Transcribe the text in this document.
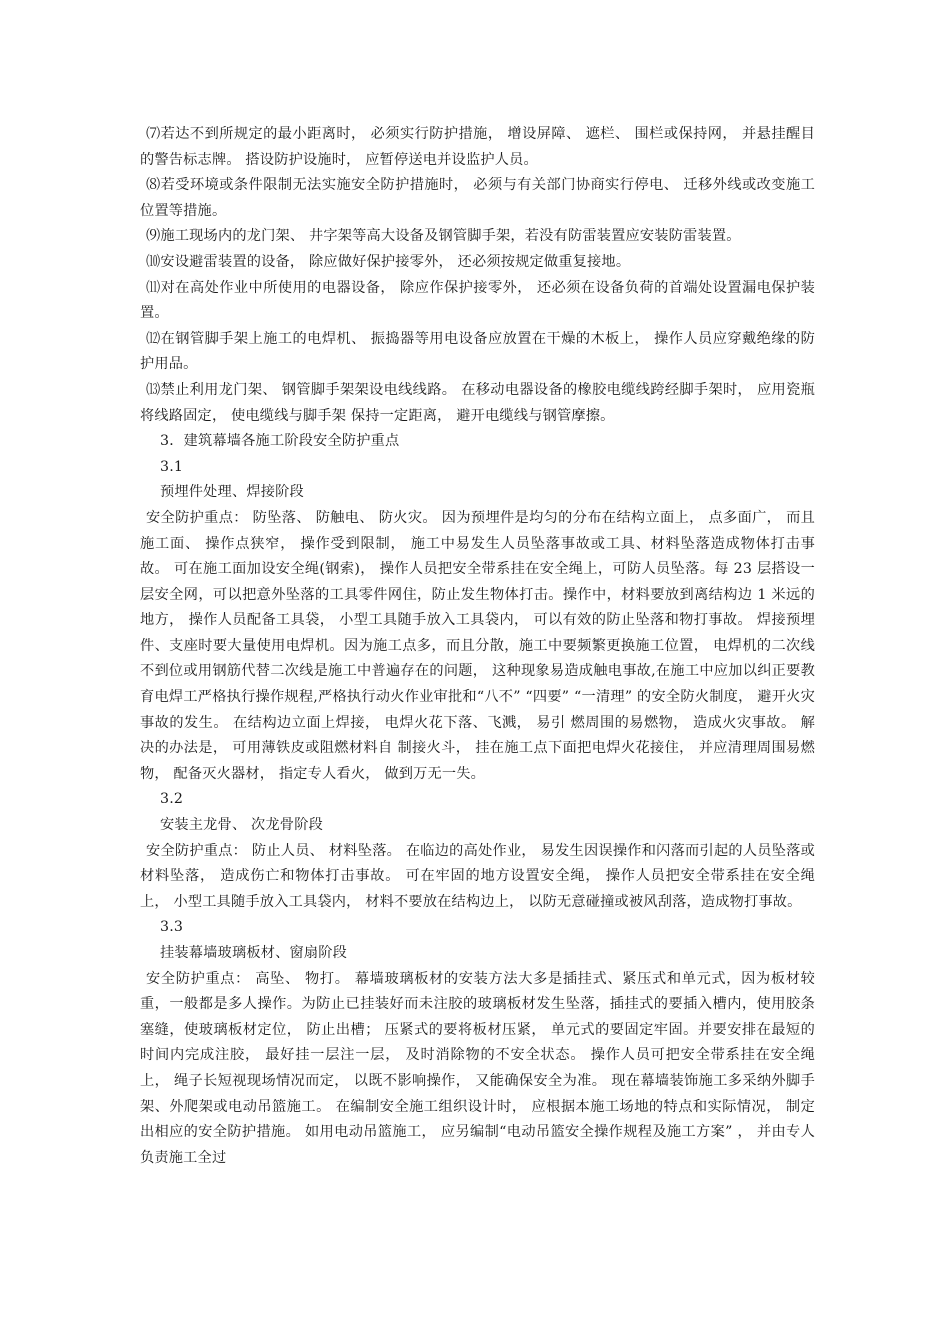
⑺若达不到所规定的最小距离时， 必须实行防护措施， 增设屏障、 遮栏、 围栏或保持网， 并悬挂醒目 的警告标志牌。 搭设防护设施时， 应暂停送电并设监护人员。

⑻若受环境或条件限制无法实施安全防护措施时， 必须与有关部门协商实行停电、 迁移外线或改变施工位置等措施。

⑼施工现场内的龙门架、 井字架等高大设备及钢管脚手架，若没有防雷装置应安装防雷装置。

⑽安设避雷装置的设备， 除应做好保护接零外， 还必须按规定做重复接地。

⑾对在高处作业中所使用的电器设备， 除应作保护接零外， 还必须在设备负荷的首端处设置漏电保护装置。

⑿在钢管脚手架上施工的电焊机、 振捣器等用电设备应放置在干燥的木板上， 操作人员应穿戴绝缘的防护用品。

⒀禁止利用龙门架、 钢管脚手架架设电线线路。 在移动电器设备的橡胶电缆线跨经脚手架时， 应用瓷瓶将线路固定， 使电缆线与脚手架 保持一定距离， 避开电缆线与钢管摩擦。

3．建筑幕墙各施工阶段安全防护重点

3.1

预埋件处理、焊接阶段

安全防护重点： 防坠落、 防触电、 防火灾。 因为预埋件是均匀的分布在结构立面上， 点多面广， 而且施工面、 操作点狭窄， 操作受到限制， 施工中易发生人员坠落事故或工具、材料坠落造成物体打击事故。 可在施工面加设安全绳(钢索)， 操作人员把安全带系挂在安全绳上，可防人员坠落。每 23 层搭设一层安全网，可以把意外坠落的工具零件网住，防止发生物体打击。操作中，材料要放到离结构边 1 米远的地方， 操作人员配备工具袋， 小型工具随手放入工具袋内， 可以有效的防止坠落和物打事故。 焊接预埋件、支座时要大量使用电焊机。因为施工点多，而且分散，施工中要频繁更换施工位置， 电焊机的二次线不到位或用钢筋代替二次线是施工中普遍存在的问题， 这种现象易造成触电事故,在施工中应加以纠正要教育电焊工严格执行操作规程,严格执行动火作业审批和“八不” “四要” “一清理” 的安全防火制度， 避开火灾事故的发生。 在结构边立面上焊接， 电焊火花下落、飞溅， 易引 燃周围的易燃物， 造成火灾事故。 解决的办法是， 可用薄铁皮或阻燃材料自 制接火斗， 挂在施工点下面把电焊火花接住， 并应清理周围易燃物， 配备灭火器材， 指定专人看火， 做到万无一失。

3.2

安装主龙骨、 次龙骨阶段

安全防护重点： 防止人员、 材料坠落。 在临边的高处作业， 易发生因误操作和闪落而引起的人员坠落或材料坠落， 造成伤亡和物体打击事故。 可在牢固的地方设置安全绳， 操作人员把安全带系挂在安全绳上， 小型工具随手放入工具袋内， 材料不要放在结构边上， 以防无意碰撞或被风刮落，造成物打事故。

3.3

挂装幕墙玻璃板材、窗扇阶段

安全防护重点： 高坠、 物打。 幕墙玻璃板材的安装方法大多是插挂式、紧压式和单元式，因为板材较重，一般都是多人操作。为防止已挂装好而未注胶的玻璃板材发生坠落，插挂式的要插入槽内，使用胶条塞缝，使玻璃板材定位， 防止出槽； 压紧式的要将板材压紧， 单元式的要固定牢固。并要安排在最短的时间内完成注胶， 最好挂一层注一层， 及时消除物的不安全状态。 操作人员可把安全带系挂在安全绳上， 绳子长短视现场情况而定， 以既不影响操作， 又能确保安全为准。 现在幕墙装饰施工多采纳外脚手架、外爬架或电动吊篮施工。 在编制安全施工组织设计时， 应根据本施工场地的特点和实际情况， 制定出相应的安全防护措施。 如用电动吊篮施工， 应另编制“电动吊篮安全操作规程及施工方案” ， 并由专人负责施工全过
